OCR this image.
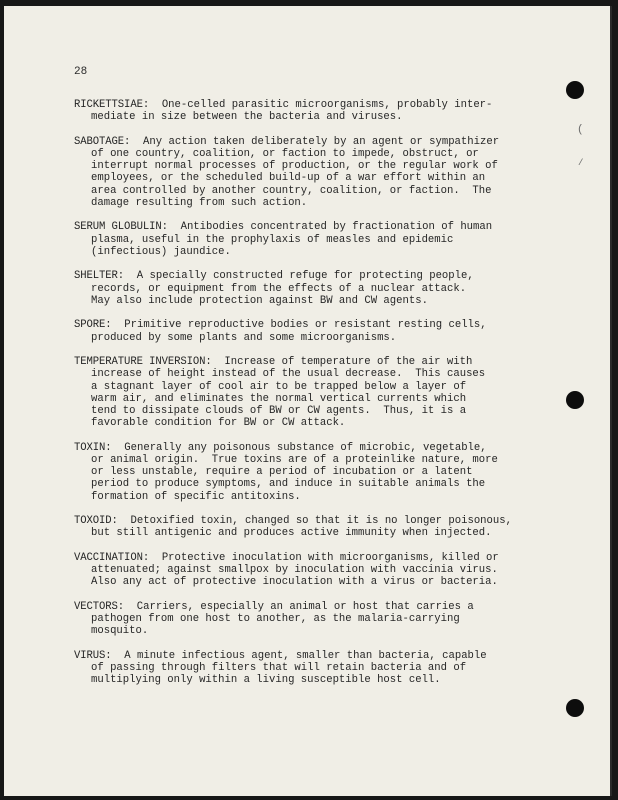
(
/
28
RICKETTSIAE: One-celled parasitic microorganisms, probably inter-
mediate in size between the bacteria and viruses.
SABOTAGE: Any action taken deliberately by an agent or sympathizer
of one country, coalition, or faction to impede, obstruct, or
interrupt normal processes of production, or the regular work of
employees, or the scheduled build-up of a war effort within an
area controlled by another country, coalition, or faction.  The
damage resulting from such action.
SERUM GLOBULIN: Antibodies concentrated by fractionation of human
plasma, useful in the prophylaxis of measles and epidemic
(infectious) jaundice.
SHELTER: A specially constructed refuge for protecting people,
records, or equipment from the effects of a nuclear attack.
May also include protection against BW and CW agents.
SPORE: Primitive reproductive bodies or resistant resting cells,
produced by some plants and some microorganisms.
TEMPERATURE INVERSION: Increase of temperature of the air with
increase of height instead of the usual decrease.  This causes
a stagnant layer of cool air to be trapped below a layer of
warm air, and eliminates the normal vertical currents which
tend to dissipate clouds of BW or CW agents.  Thus, it is a
favorable condition for BW or CW attack.
TOXIN: Generally any poisonous substance of microbic, vegetable,
or animal origin.  True toxins are of a proteinlike nature, more
or less unstable, require a period of incubation or a latent
period to produce symptoms, and induce in suitable animals the
formation of specific antitoxins.
TOXOID: Detoxified toxin, changed so that it is no longer poisonous,
but still antigenic and produces active immunity when injected.
VACCINATION: Protective inoculation with microorganisms, killed or
attenuated; against smallpox by inoculation with vaccinia virus.
Also any act of protective inoculation with a virus or bacteria.
VECTORS: Carriers, especially an animal or host that carries a
pathogen from one host to another, as the malaria-carrying
mosquito.
VIRUS: A minute infectious agent, smaller than bacteria, capable
of passing through filters that will retain bacteria and of
multiplying only within a living susceptible host cell.
